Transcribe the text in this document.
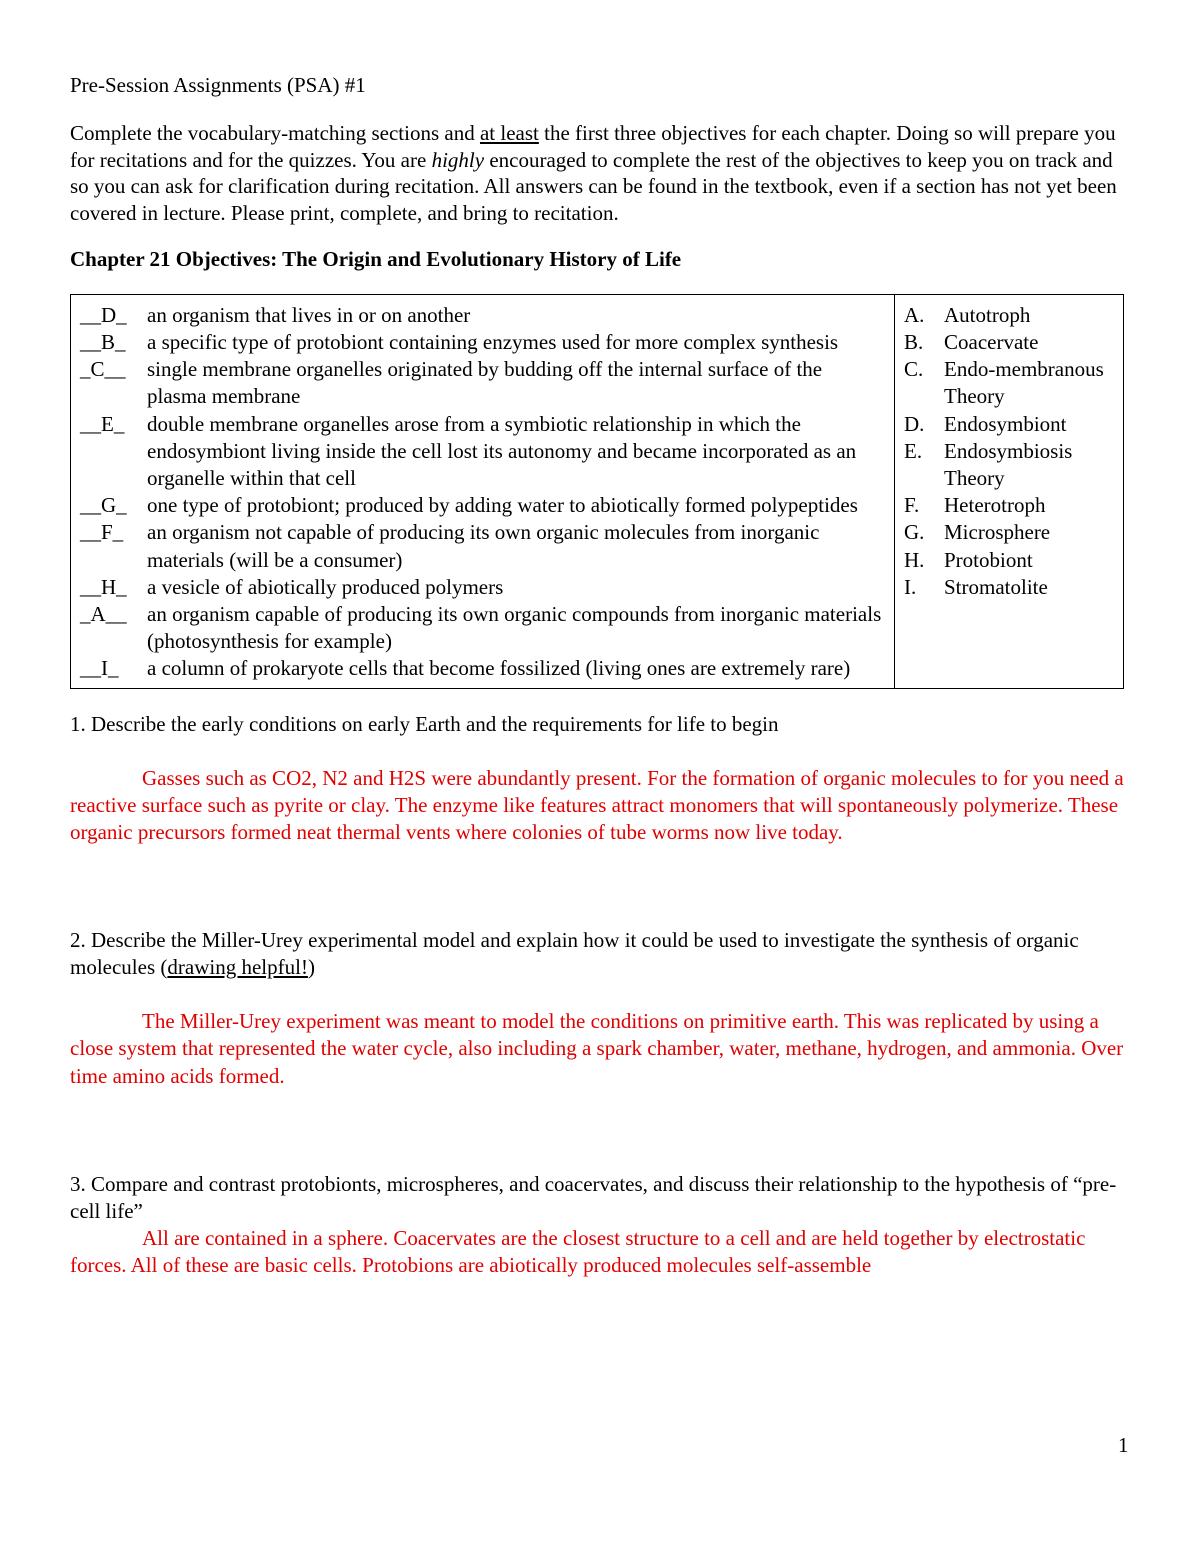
Pre-Session Assignments (PSA) #1

Complete the vocabulary-matching sections and at least the first three objectives for each chapter. Doing so will prepare you for recitations and for the quizzes. You are highly encouraged to complete the rest of the objectives to keep you on track and so you can ask for clarification during recitation. All answers can be found in the textbook, even if a section has not yet been covered in lecture. Please print, complete, and bring to recitation.

Chapter 21 Objectives: The Origin and Evolutionary History of Life

__D_ an organism that lives in or on another
__B_ a specific type of protobiont containing enzymes used for more complex synthesis
_C__ single membrane organelles originated by budding off the internal surface of the plasma membrane
__E_ double membrane organelles arose from a symbiotic relationship in which the endosymbiont living inside the cell lost its autonomy and became incorporated as an organelle within that cell
__G_ one type of protobiont; produced by adding water to abiotically formed polypeptides
__F_ an organism not capable of producing its own organic molecules from inorganic materials (will be a consumer)
__H_ a vesicle of abiotically produced polymers
_A__ an organism capable of producing its own organic compounds from inorganic materials (photosynthesis for example)
__I_ a column of prokaryote cells that become fossilized (living ones are extremely rare)

A. Autotroph
B. Coacervate
C. Endo-membranous Theory
D. Endosymbiont
E. Endosymbiosis Theory
F. Heterotroph
G. Microsphere
H. Protobiont
I. Stromatolite

1. Describe the early conditions on early Earth and the requirements for life to begin

Gasses such as CO2, N2 and H2S were abundantly present. For the formation of organic molecules to for you need a reactive surface such as pyrite or clay. The enzyme like features attract monomers that will spontaneously polymerize. These organic precursors formed neat thermal vents where colonies of tube worms now live today.

2. Describe the Miller-Urey experimental model and explain how it could be used to investigate the synthesis of organic molecules (drawing helpful!)

The Miller-Urey experiment was meant to model the conditions on primitive earth. This was replicated by using a close system that represented the water cycle, also including a spark chamber, water, methane, hydrogen, and ammonia. Over time amino acids formed.

3. Compare and contrast protobionts, microspheres, and coacervates, and discuss their relationship to the hypothesis of “pre-cell life”

All are contained in a sphere. Coacervates are the closest structure to a cell and are held together by electrostatic forces. All of these are basic cells. Protobions are abiotically produced molecules self-assemble

1
